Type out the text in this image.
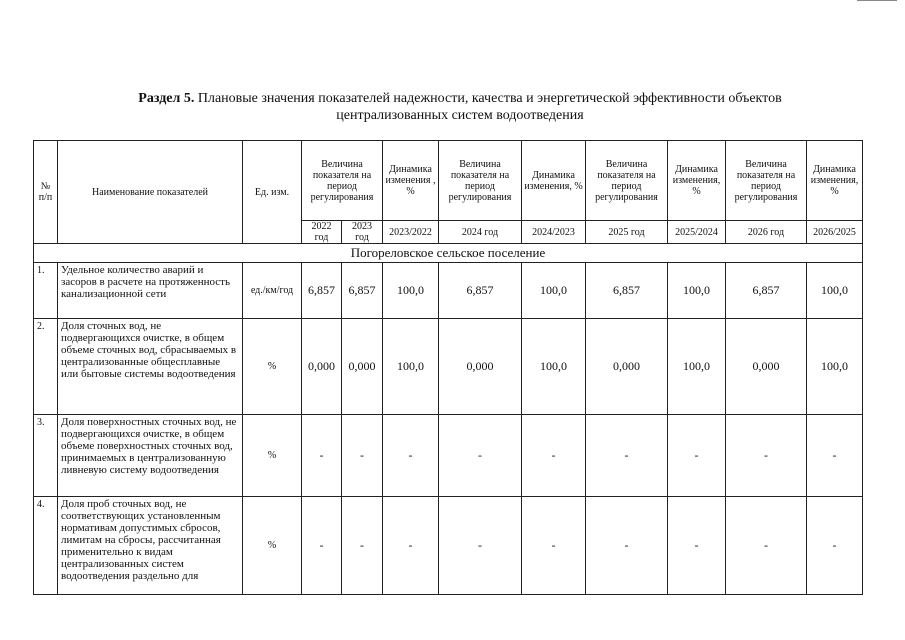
Раздел 5. Плановые значения показателей надежности, качества и энергетической эффективности объектов
централизованных систем водоотведения
№ п/п	Наименование показателей	Ед. изм.	Величина показателя на период регулирования		Динамика изменения , %	Величина показателя на период регулирования	Динамика изменения, %	Величина показателя на период регулирования	Динамика изменения, %	Величина показателя на период регулирования	Динамика изменения, %
			2022 год	2023 год	2023/2022	2024 год	2024/2023	2025 год	2025/2024	2026 год	2026/2025
Погореловское сельское поселение											
1.	Удельное количество аварий и засоров в расчете на протяженность канализационной сети	ед./км/год	6,857	6,857	100,0	6,857	100,0	6,857	100,0	6,857	100,0
2.	Доля сточных вод, не подвергающихся очистке, в общем объеме сточных вод, сбрасываемых в централизованные общесплавные или бытовые системы водоотведения	%	0,000	0,000	100,0	0,000	100,0	0,000	100,0	0,000	100,0
3.	Доля поверхностных сточных вод, не подвергающихся очистке, в общем объеме поверхностных сточных вод, принимаемых в централизованную ливневую систему водоотведения	%	-	-	-	-	-	-	-	-	-
4.	Доля проб сточных вод, не соответствующих установленным нормативам допустимых сбросов, лимитам на сбросы, рассчитанная применительно к видам централизованных систем водоотведения раздельно для	%	-	-	-	-	-	-	-	-	-
